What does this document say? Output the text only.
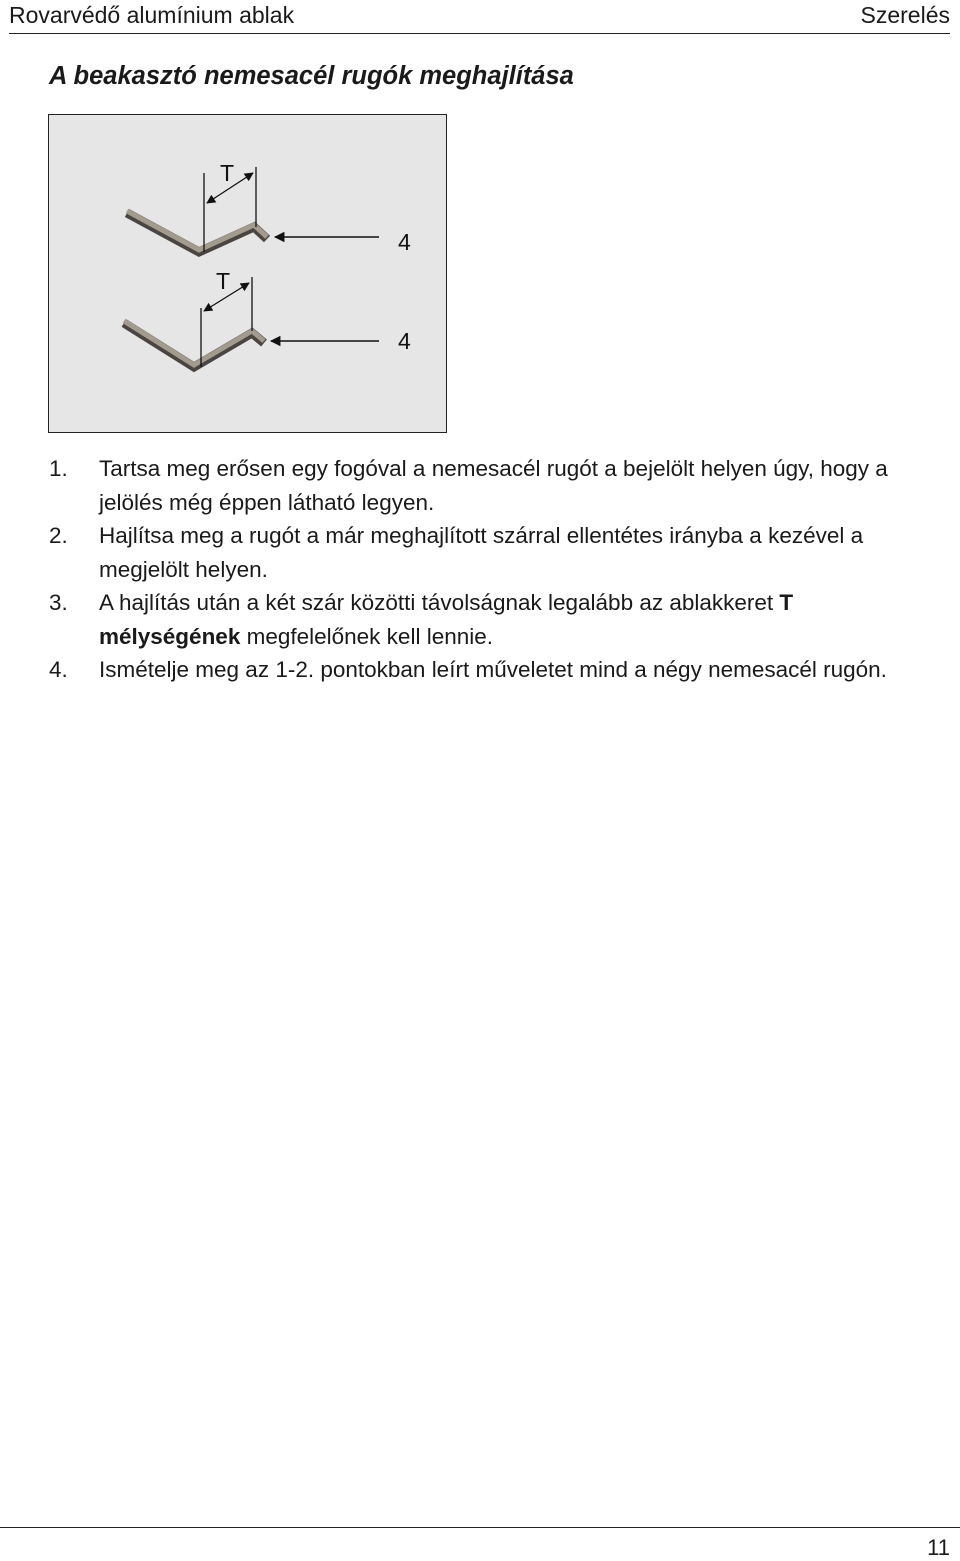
Rovarvédő alumínium ablak	Szerelés
A beakasztó nemesacél rugók meghajlítása
T
4
T
4
1. Tartsa meg erősen egy fogóval a nemesacél rugót a bejelölt helyen úgy, hogy a jelölés még éppen látható legyen.
2. Hajlítsa meg a rugót a már meghajlított szárral ellentétes irányba a kezével a megjelölt helyen.
3. A hajlítás után a két szár közötti távolságnak legalább az ablakkeret T mélységének megfelelőnek kell lennie.
4. Ismételje meg az 1-2. pontokban leírt műveletet mind a négy nemesacél rugón.
11
